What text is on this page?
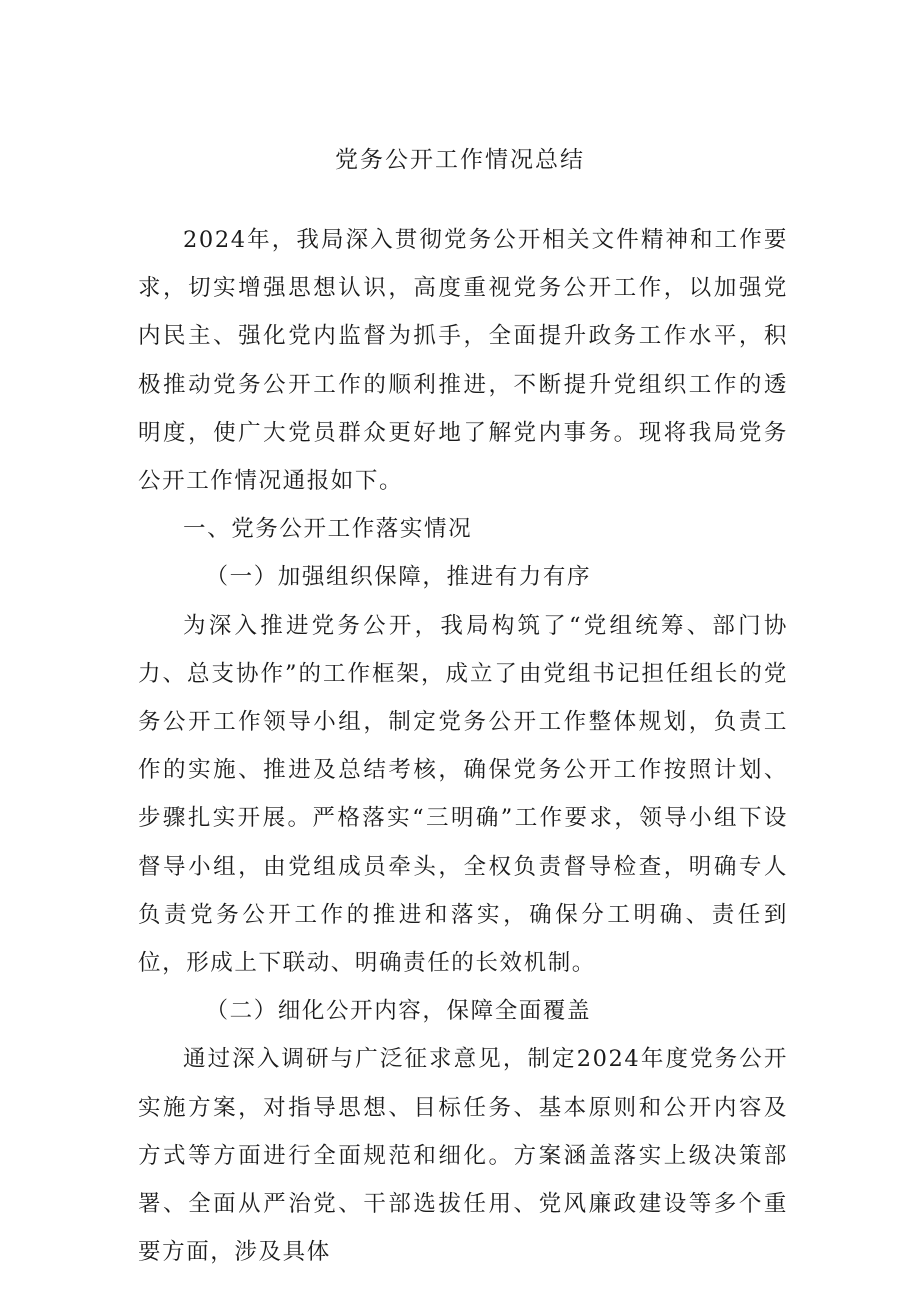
党务公开工作情况总结

2024年，我局深入贯彻党务公开相关文件精神和工作要求，切实增强思想认识，高度重视党务公开工作，以加强党内民主、强化党内监督为抓手，全面提升政务工作水平，积极推动党务公开工作的顺利推进，不断提升党组织工作的透明度，使广大党员群众更好地了解党内事务。现将我局党务公开工作情况通报如下。

一、党务公开工作落实情况

（一）加强组织保障，推进有力有序

为深入推进党务公开，我局构筑了“党组统筹、部门协力、总支协作”的工作框架，成立了由党组书记担任组长的党务公开工作领导小组，制定党务公开工作整体规划，负责工作的实施、推进及总结考核，确保党务公开工作按照计划、步骤扎实开展。严格落实“三明确”工作要求，领导小组下设督导小组，由党组成员牵头，全权负责督导检查，明确专人负责党务公开工作的推进和落实，确保分工明确、责任到位，形成上下联动、明确责任的长效机制。

（二）细化公开内容，保障全面覆盖

通过深入调研与广泛征求意见，制定2024年度党务公开实施方案，对指导思想、目标任务、基本原则和公开内容及方式等方面进行全面规范和细化。方案涵盖落实上级决策部署、全面从严治党、干部选拔任用、党风廉政建设等多个重要方面，涉及具体
